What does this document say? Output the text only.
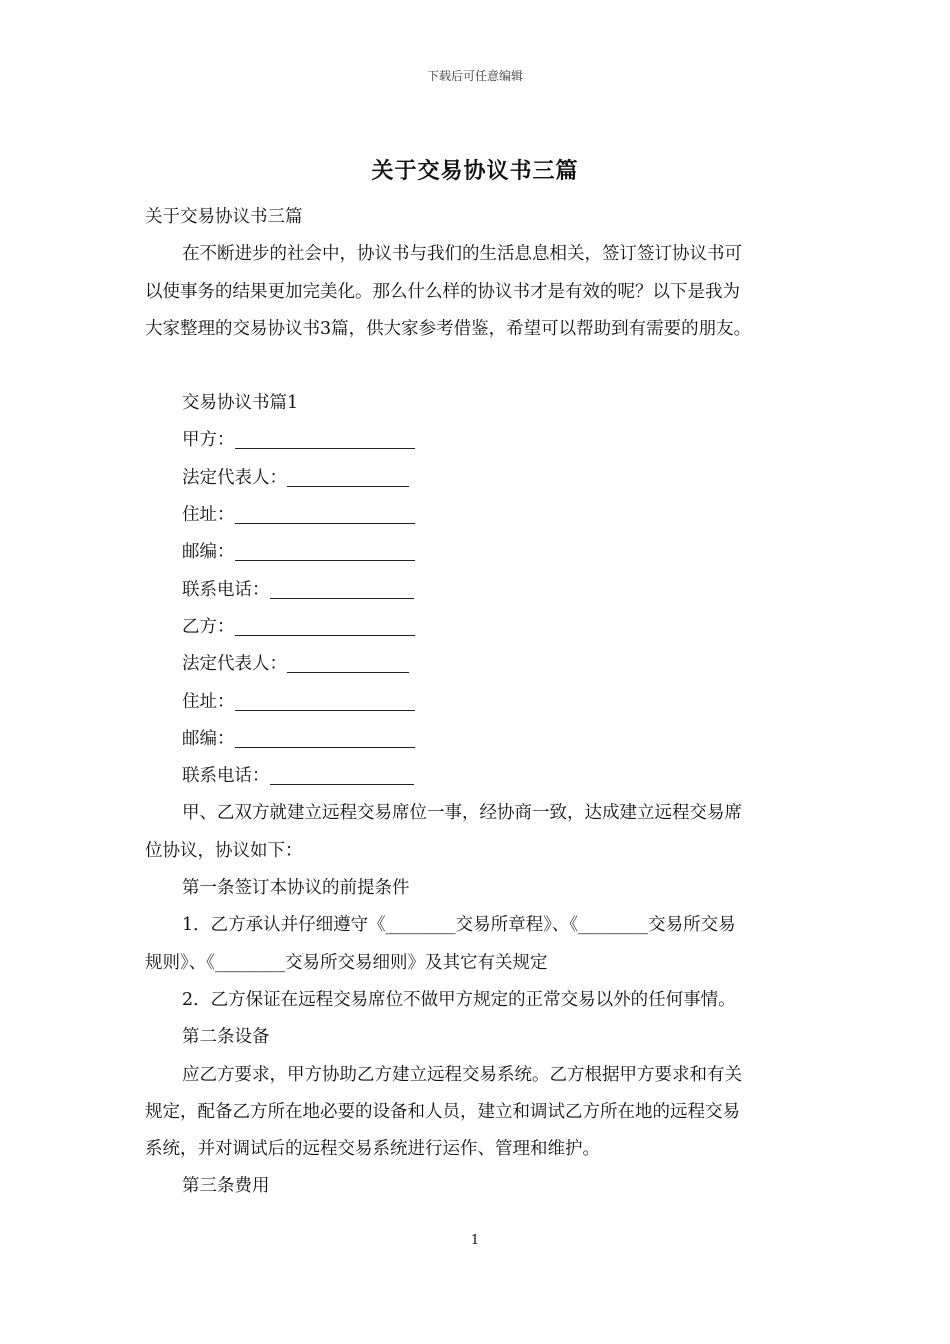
下载后可任意编辑
关于交易协议书三篇

关于交易协议书三篇

在不断进步的社会中，协议书与我们的生活息息相关，签订签订协议书可

以使事务的结果更加完美化。那么什么样的协议书才是有效的呢？以下是我为

大家整理的交易协议书3篇，供大家参考借鉴，希望可以帮助到有需要的朋友。

交易协议书篇1

甲方：

法定代表人：

住址：

邮编：

联系电话：

乙方：

法定代表人：

住址：

邮编：

联系电话：

甲、乙双方就建立远程交易席位一事，经协商一致，达成建立远程交易席

位协议，协议如下：

第一条签订本协议的前提条件

1．乙方承认并仔细遵守《________交易所章程》、《________交易所交易

规则》、《________交易所交易细则》及其它有关规定

2．乙方保证在远程交易席位不做甲方规定的正常交易以外的任何事情。

第二条设备

应乙方要求，甲方协助乙方建立远程交易系统。乙方根据甲方要求和有关

规定，配备乙方所在地必要的设备和人员，建立和调试乙方所在地的远程交易

系统，并对调试后的远程交易系统进行运作、管理和维护。

第三条费用

1
